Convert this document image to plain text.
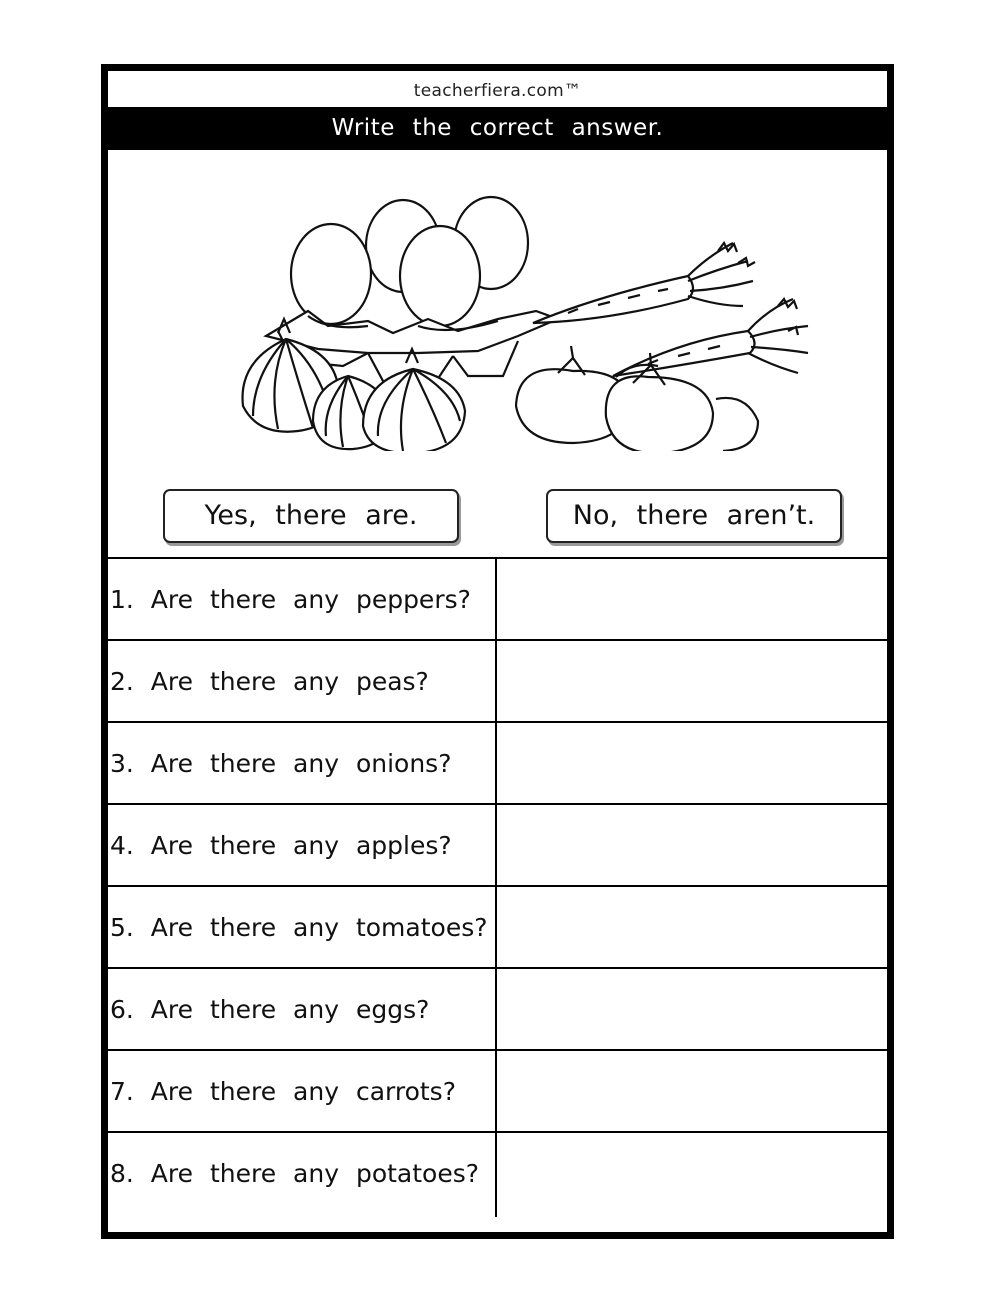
teacherfiera.com™
Write the correct answer.
Yes, there are.	No, there aren’t.
1. Are there any peppers?
2. Are there any peas?
3. Are there any onions?
4. Are there any apples?
5. Are there any tomatoes?
6. Are there any eggs?
7. Are there any carrots?
8. Are there any potatoes?
